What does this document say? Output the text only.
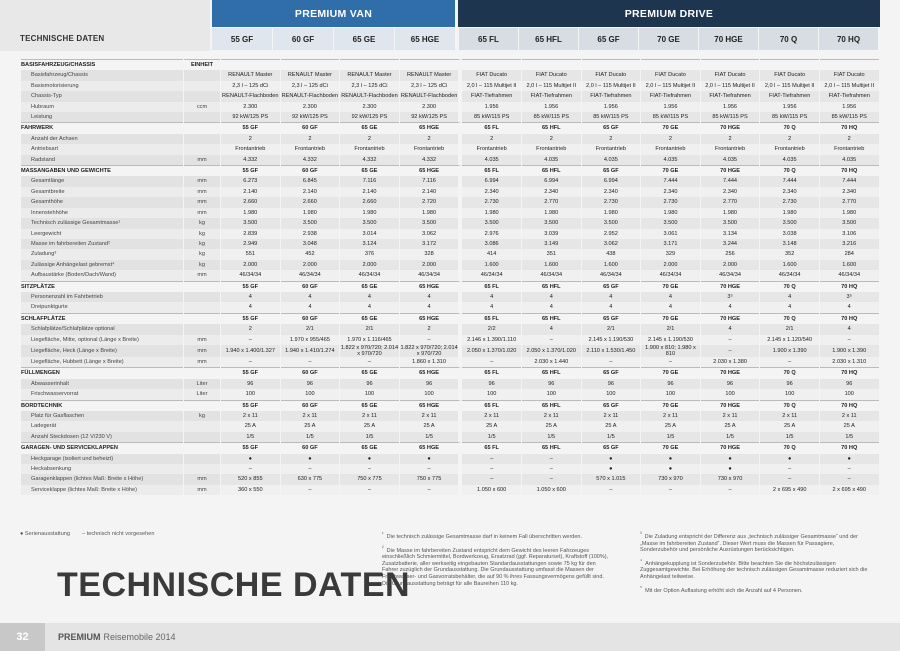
TECHNISCHE DATEN
PREMIUM VAN	PREMIUM DRIVE
55 GF	60 GF	65 GE	65 HGE	65 FL	65 HFL	65 GF	70 GE	70 HGE	70 Q	70 HQ
BASISFAHRZEUG/CHASSIS	EINHEIT											
Basisfahrzeug/Chassis		RENAULT Master	RENAULT Master	RENAULT Master	RENAULT Master	FIAT Ducato	FIAT Ducato	FIAT Ducato	FIAT Ducato	FIAT Ducato	FIAT Ducato	FIAT Ducato
Basismotorisierung		2,3 l – 125 dCi	2,3 l – 125 dCi	2,3 l – 125 dCi	2,3 l – 125 dCi	2,0 l – 115 Multijet II	2,0 l – 115 Multijet II	2,0 l – 115 Multijet II	2,0 l – 115 Multijet II	2,0 l – 115 Multijet II	2,0 l – 115 Multijet II	2,0 l – 115 Multijet II
Chassis-Typ		RENAULT-Flachboden	RENAULT-Flachboden	RENAULT-Flachboden	RENAULT-Flachboden	FIAT-Tiefrahmen	FIAT-Tiefrahmen	FIAT-Tiefrahmen	FIAT-Tiefrahmen	FIAT-Tiefrahmen	FIAT-Tiefrahmen	FIAT-Tiefrahmen
Hubraum	ccm	2.300	2.300	2.300	2.300	1.956	1.956	1.956	1.956	1.956	1.956	1.956
Leistung		92 kW/125 PS	92 kW/125 PS	92 kW/125 PS	92 kW/125 PS	85 kW/115 PS	85 kW/115 PS	85 kW/115 PS	85 kW/115 PS	85 kW/115 PS	85 kW/115 PS	85 kW/115 PS
FAHRWERK		55 GF	60 GF	65 GE	65 HGE	65 FL	65 HFL	65 GF	70 GE	70 HGE	70 Q	70 HQ
Anzahl der Achsen		2	2	2	2	2	2	2	2	2	2	2
Antriebsart		Frontantrieb	Frontantrieb	Frontantrieb	Frontantrieb	Frontantrieb	Frontantrieb	Frontantrieb	Frontantrieb	Frontantrieb	Frontantrieb	Frontantrieb
Radstand	mm	4.332	4.332	4.332	4.332	4.035	4.035	4.035	4.035	4.035	4.035	4.035
MASSANGABEN UND GEWICHTE		55 GF	60 GF	65 GE	65 HGE	65 FL	65 HFL	65 GF	70 GE	70 HGE	70 Q	70 HQ
Gesamtlänge	mm	6.273	6.845	7.116	7.116	6.994	6.994	6.994	7.444	7.444	7.444	7.444
Gesamtbreite	mm	2.140	2.140	2.140	2.140	2.340	2.340	2.340	2.340	2.340	2.340	2.340
Gesamthöhe	mm	2.660	2.660	2.660	2.720	2.730	2.770	2.730	2.730	2.770	2.730	2.770
Innenstehhöhe	mm	1.980	1.980	1.980	1.980	1.980	1.980	1.980	1.980	1.980	1.980	1.980
Technisch zulässige Gesamtmasse¹	kg	3.500	3.500	3.500	3.500	3.500	3.500	3.500	3.500	3.500	3.500	3.500
Leergewicht	kg	2.839	2.938	3.014	3.062	2.976	3.039	2.952	3.061	3.134	3.038	3.106
Masse im fahrbereiten Zustand²	kg	2.949	3.048	3.124	3.172	3.086	3.149	3.062	3.171	3.244	3.148	3.216
Zuladung³	kg	551	452	376	328	414	351	438	329	256	352	284
Zulässige Anhängelast gebremst⁴	kg	2.000	2.000	2.000	2.000	1.600	1.600	1.600	2.000	2.000	1.600	1.600
Aufbaustärke (Boden/Dach/Wand)	mm	46/34/34	46/34/34	46/34/34	46/34/34	46/34/34	46/34/34	46/34/34	46/34/34	46/34/34	46/34/34	46/34/34
SITZPLÄTZE		55 GF	60 GF	65 GE	65 HGE	65 FL	65 HFL	65 GF	70 GE	70 HGE	70 Q	70 HQ
Personenzahl im Fahrbetrieb		4	4	4	4	4	4	4	4	3⁵	4	3⁵
Dreipunktgurte		4	4	4	4	4	4	4	4	4	4	4
SCHLAFPLÄTZE		55 GF	60 GF	65 GE	65 HGE	65 FL	65 HFL	65 GF	70 GE	70 HGE	70 Q	70 HQ
Schlafplätze/Schlafplätze optional		2	2/1	2/1	2	2/2	4	2/1	2/1	4	2/1	4
Liegefläche, Mitte, optional (Länge x Breite)	mm	–	1.970 x 955/465	1.970 x 1.116/465	–	2.146 x 1.390/1.110	–	2.145 x 1.190/530	2.145 x 1.190/530	–	2.145 x 1.120/540	–
Liegefläche, Heck (Länge x Breite)	mm	1.940 x 1.400/1.327	1.940 x 1.410/1.274	1.822 x 970/720; 2.014 x 970/720	1.822 x 970/720; 2.014 x 970/720	2.050 x 1.370/1.020	2.050 x 1.370/1.020	2.110 x 1.530/1.450	1.900 x 810; 1.980 x 810	–	1.900 x 1.390	1.900 x 1.390
Liegefläche, Hubbett (Länge x Breite)	mm	–	–	–	1.860 x 1.310	–	2.030 x 1.440	–	–	2.030 x 1.380	–	2.030 x 1.310
FÜLLMENGEN		55 GF	60 GF	65 GE	65 HGE	65 FL	65 HFL	65 GF	70 GE	70 HGE	70 Q	70 HQ
Abwasserinhalt	Liter	96	96	96	96	96	96	96	96	96	96	96
Frischwasservorrat	Liter	100	100	100	100	100	100	100	100	100	100	100
BORDTECHNIK		55 GF	60 GF	65 GE	65 HGE	65 FL	65 HFL	65 GF	70 GE	70 HGE	70 Q	70 HQ
Platz für Gasflaschen	kg	2 x 11	2 x 11	2 x 11	2 x 11	2 x 11	2 x 11	2 x 11	2 x 11	2 x 11	2 x 11	2 x 11
Ladegerät		25 A	25 A	25 A	25 A	25 A	25 A	25 A	25 A	25 A	25 A	25 A
Anzahl Steckdosen (12 V/230 V)		1/5	1/5	1/5	1/5	1/5	1/5	1/5	1/5	1/5	1/5	1/5
GARAGEN- UND SERVICEKLAPPEN		55 GF	60 GF	65 GE	65 HGE	65 FL	65 HFL	65 GF	70 GE	70 HGE	70 Q	70 HQ
Heckgarage (isoliert und beheizt)		●	●	●	●	–	–	●	●	●	●	●
Heckabsenkung		–	–	–	–	–	–	●	●	●	–	–
Garagenklappen (lichtes Maß: Breite x Höhe)	mm	520 x 855	630 x 775	750 x 775	750 x 775	–	–	570 x 1.015	730 x 970	730 x 970	–	–
Serviceklappe (lichtes Maß: Breite x Höhe)	mm	360 x 550	–	–	–	1.050 x 600	1.050 x 600	–	–	–	2 x 695 x 490	2 x 695 x 490
● Serienausstattung – technisch nicht vorgesehen	$^{^1}$ Die technisch zulässige Gesamtmasse darf in keinem Fall überschritten werden.

$^{^2}$ Die Masse im fahrbereiten Zustand entspricht dem Gewicht des leeren Fahrzeuges einschließlich Schmiermittel, Bordwerkzeug, Ersatzrad (ggf. Reparaturset), Kraftstoff (100%), Zusatzbatterie, aller werkseitig eingebauten Standardausstattungen sowie 75 kg für den Fahrer zuzüglich der Grundausstattung. Die Grundausstattung umfasst die Massen der Frischwasser- und Gasvorratsbehälter, die auf 90 % ihres Fassungsvermögens gefüllt sind. Die Grundausstattung beträgt für alle Baureihen 110 kg.

$^{^3}$ Die Zuladung entspricht der Differenz aus „technisch zulässiger Gesamtmasse“ und der „Masse im fahrbereiten Zustand“. Dieser Wert muss die Massen für Passagiere, Sonderzubehör und persönliche Ausrüstungen berücksichtigen.

$^{^4}$ Anhängekupplung ist Sonderzubehör. Bitte beachten Sie die höchstzulässigen Zuggesamtgewichte. Bei Erhöhung der technisch zulässigen Gesamtmasse reduziert sich die Anhängelast teilweise.

$^{^5}$ Mit der Option Auflastung erhöht sich die Anzahl auf 4 Personen.

TECHNISCHE DATEN
32	PREMIUM Reisemobile 2014
